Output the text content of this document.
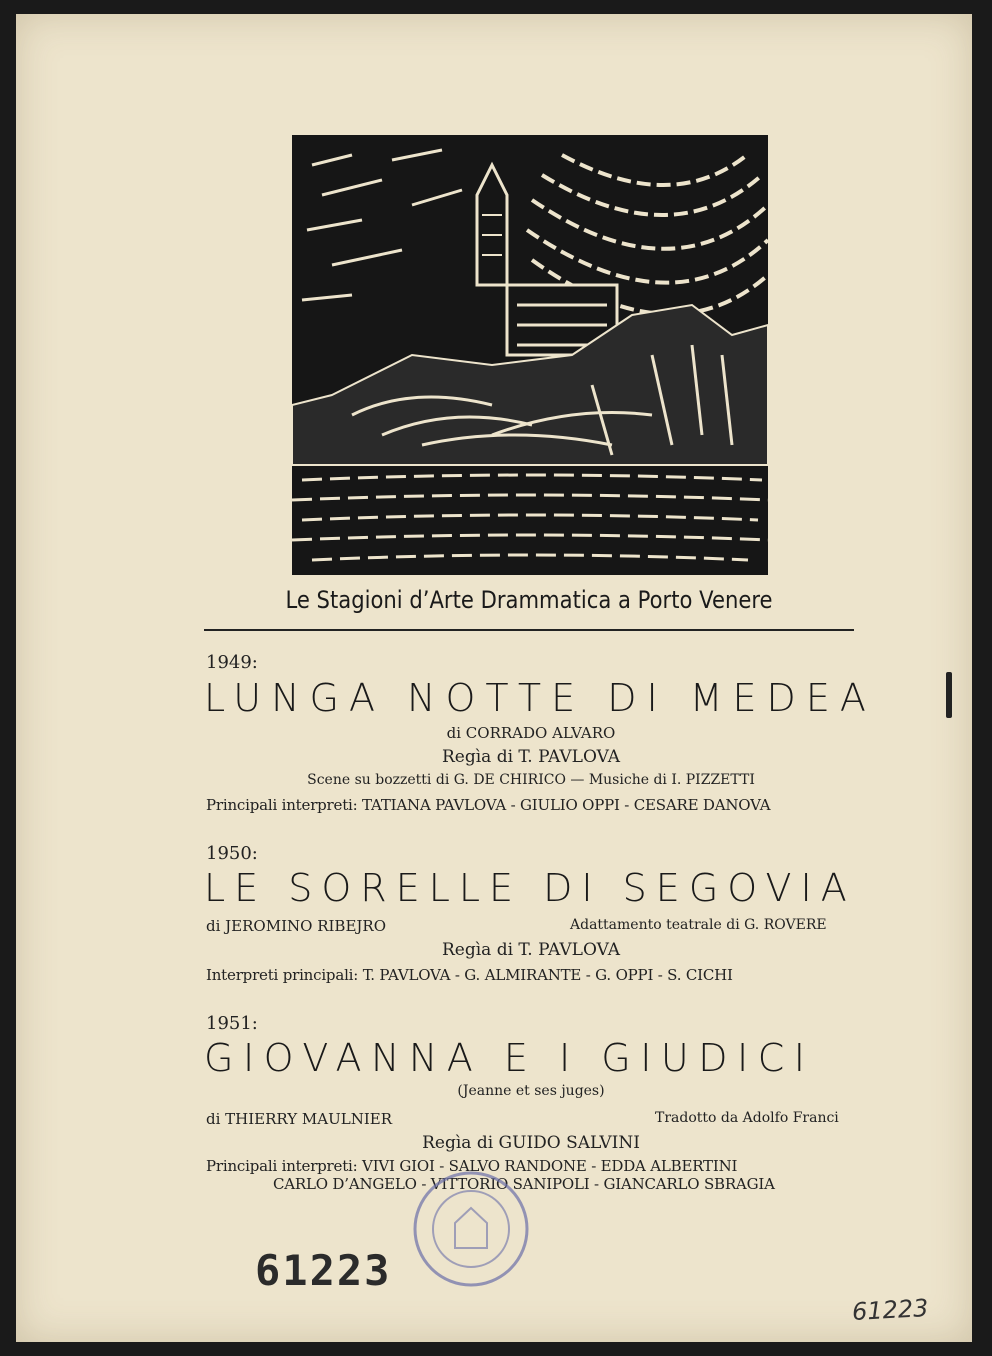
Le Stagioni d’Arte Drammatica a Porto Venere
1949:
LUNGA NOTTE DI MEDEA
di CORRADO ALVARO
Regìa di T. PAVLOVA
Scene su bozzetti di G. DE CHIRICO — Musiche di I. PIZZETTI
Principali interpreti: TATIANA PAVLOVA - GIULIO OPPI - CESARE DANOVA
1950:
LE SORELLE DI SEGOVIA
di JEROMINO RIBEJRO	Adattamento teatrale di G. ROVERE
Regìa di T. PAVLOVA
Interpreti principali: T. PAVLOVA - G. ALMIRANTE - G. OPPI - S. CICHI
1951:
GIOVANNA E I GIUDICI
(Jeanne et ses juges)
di THIERRY MAULNIER	Tradotto da Adolfo Franci
Regìa di GUIDO SALVINI
Principali interpreti: VIVI GIOI - SALVO RANDONE - EDDA ALBERTINI
CARLO D’ANGELO - VITTORIO SANIPOLI - GIANCARLO SBRAGIA
61223
61223
